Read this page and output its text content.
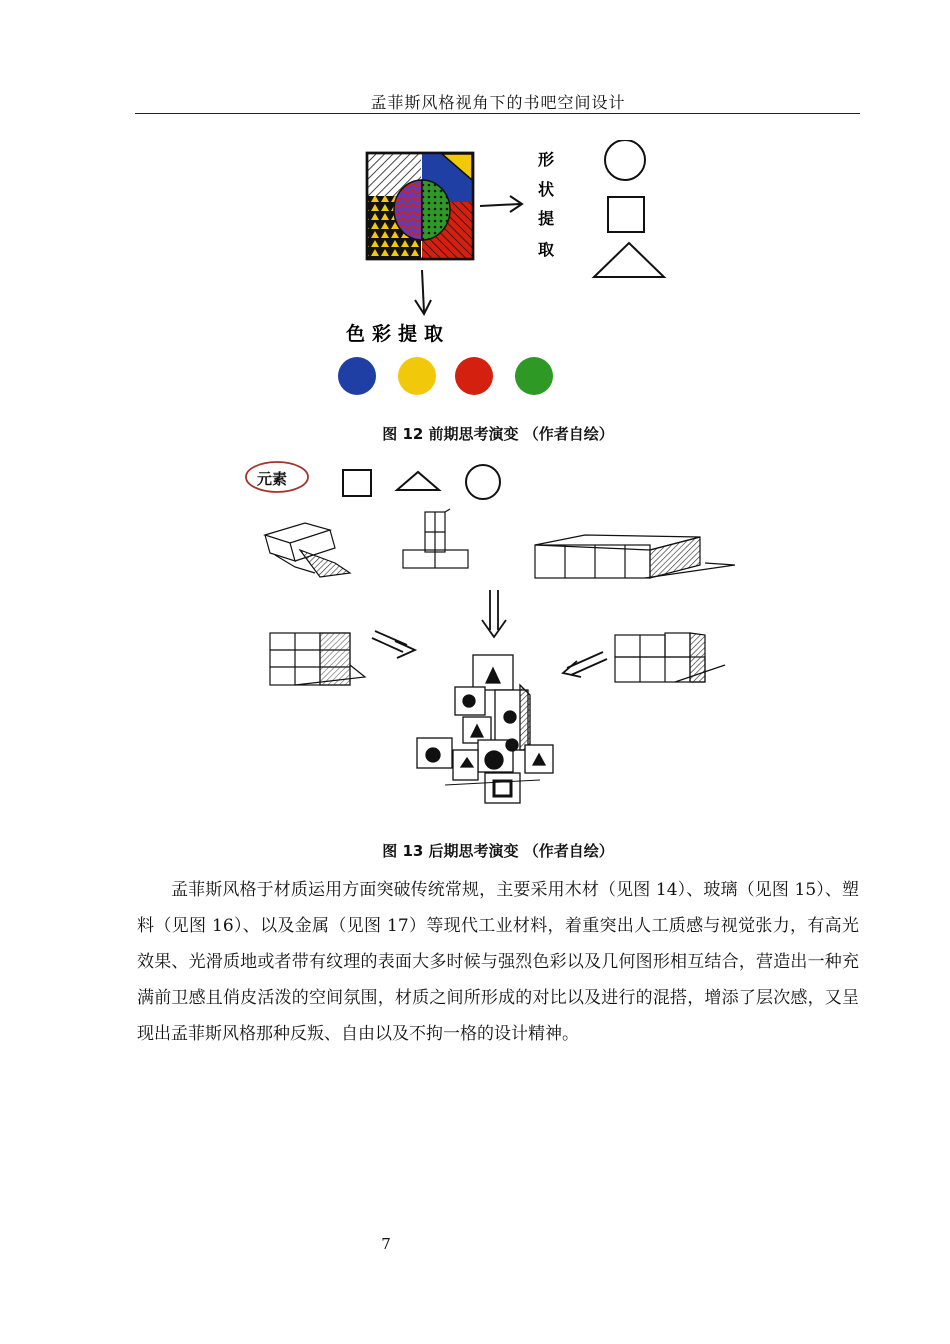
孟菲斯风格视角下的书吧空间设计
形
状
提
取
色彩提取
图 12 前期思考演变 （作者自绘）
元素
图 13 后期思考演变 （作者自绘）

孟菲斯风格于材质运用方面突破传统常规，主要采用木材（见图 14）、玻璃（见图 15）、塑料（见图 16）、以及金属（见图 17）等现代工业材料，着重突出人工质感与视觉张力，有高光效果、光滑质地或者带有纹理的表面大多时候与强烈色彩以及几何图形相互结合，营造出一种充满前卫感且俏皮活泼的空间氛围，材质之间所形成的对比以及进行的混搭，增添了层次感，又呈现出孟菲斯风格那种反叛、自由以及不拘一格的设计精神。

7
